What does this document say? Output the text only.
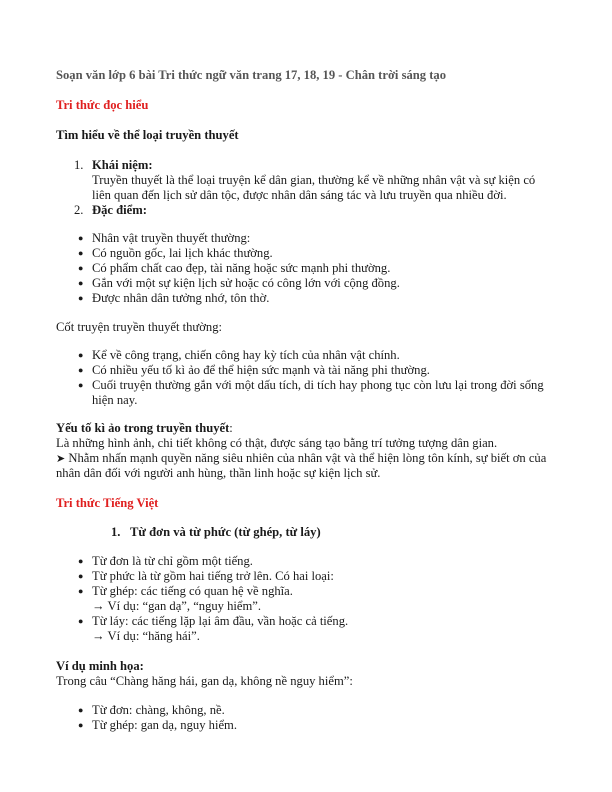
Soạn văn lớp 6 bài Tri thức ngữ văn trang 17, 18, 19 - Chân trời sáng tạo
Tri thức đọc hiểu
Tìm hiểu về thể loại truyền thuyết
1. Khái niệm:
Truyền thuyết là thể loại truyện kể dân gian, thường kể về những nhân vật và sự kiện có
liên quan đến lịch sử dân tộc, được nhân dân sáng tác và lưu truyền qua nhiều đời.
2. Đặc điểm:
● Nhân vật truyền thuyết thường:
● Có nguồn gốc, lai lịch khác thường.
● Có phẩm chất cao đẹp, tài năng hoặc sức mạnh phi thường.
● Gắn với một sự kiện lịch sử hoặc có công lớn với cộng đồng.
● Được nhân dân tưởng nhớ, tôn thờ.
Cốt truyện truyền thuyết thường:
● Kể về công trạng, chiến công hay kỳ tích của nhân vật chính.
● Có nhiều yếu tố kì ảo để thể hiện sức mạnh và tài năng phi thường.
● Cuối truyện thường gắn với một dấu tích, di tích hay phong tục còn lưu lại trong đời sống
hiện nay.
Yếu tố kì ảo trong truyền thuyết:
Là những hình ảnh, chi tiết không có thật, được sáng tạo bằng trí tưởng tượng dân gian.
➤ Nhằm nhấn mạnh quyền năng siêu nhiên của nhân vật và thể hiện lòng tôn kính, sự biết ơn của
nhân dân đối với người anh hùng, thần linh hoặc sự kiện lịch sử.
Tri thức Tiếng Việt
1. Từ đơn và từ phức (từ ghép, từ láy)
● Từ đơn là từ chỉ gồm một tiếng.
● Từ phức là từ gồm hai tiếng trở lên. Có hai loại:
● Từ ghép: các tiếng có quan hệ về nghĩa.
→ Ví dụ: “gan dạ”, “nguy hiểm”.
● Từ láy: các tiếng lặp lại âm đầu, vần hoặc cả tiếng.
→ Ví dụ: “hăng hái”.
Ví dụ minh họa:
Trong câu “Chàng hăng hái, gan dạ, không nề nguy hiểm”:
● Từ đơn: chàng, không, nề.
● Từ ghép: gan dạ, nguy hiểm.
